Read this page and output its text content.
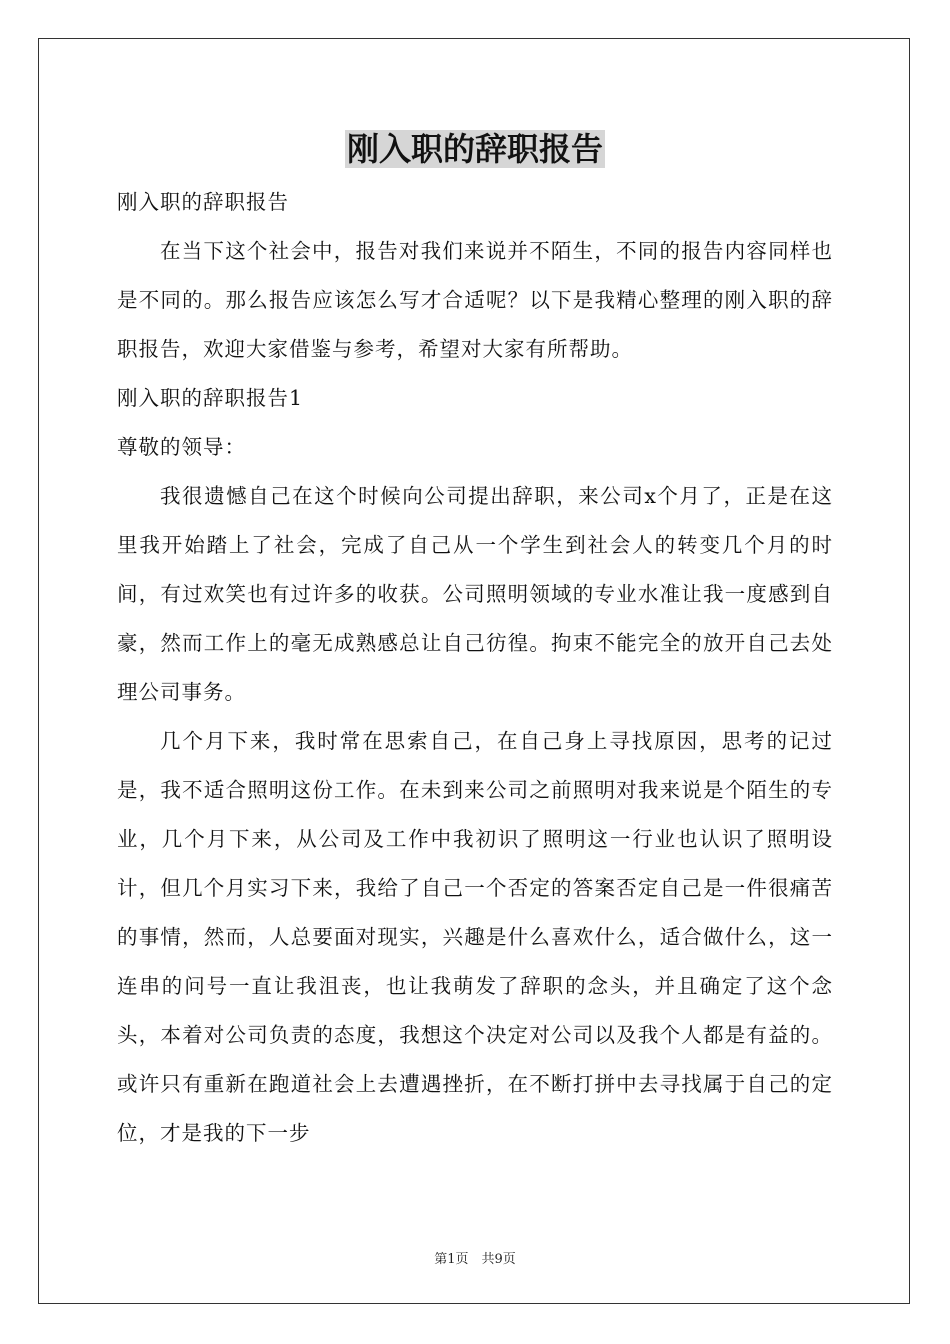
刚入职的辞职报告

刚入职的辞职报告

在当下这个社会中，报告对我们来说并不陌生，不同的报告内容同样也是不同的。那么报告应该怎么写才合适呢？以下是我精心整理的刚入职的辞职报告，欢迎大家借鉴与参考，希望对大家有所帮助。

刚入职的辞职报告1

尊敬的领导：

我很遗憾自己在这个时候向公司提出辞职，来公司x个月了，正是在这里我开始踏上了社会，完成了自己从一个学生到社会人的转变几个月的时间，有过欢笑也有过许多的收获。公司照明领域的专业水准让我一度感到自豪，然而工作上的毫无成熟感总让自己彷徨。拘束不能完全的放开自己去处理公司事务。

几个月下来，我时常在思索自己，在自己身上寻找原因，思考的记过是，我不适合照明这份工作。在未到来公司之前照明对我来说是个陌生的专业，几个月下来，从公司及工作中我初识了照明这一行业也认识了照明设计，但几个月实习下来，我给了自己一个否定的答案否定自己是一件很痛苦的事情，然而，人总要面对现实，兴趣是什么喜欢什么，适合做什么，这一连串的问号一直让我沮丧，也让我萌发了辞职的念头，并且确定了这个念头，本着对公司负责的态度，我想这个决定对公司以及我个人都是有益的。或许只有重新在跑道社会上去遭遇挫折，在不断打拼中去寻找属于自己的定位，才是我的下一步

第1页　共9页
